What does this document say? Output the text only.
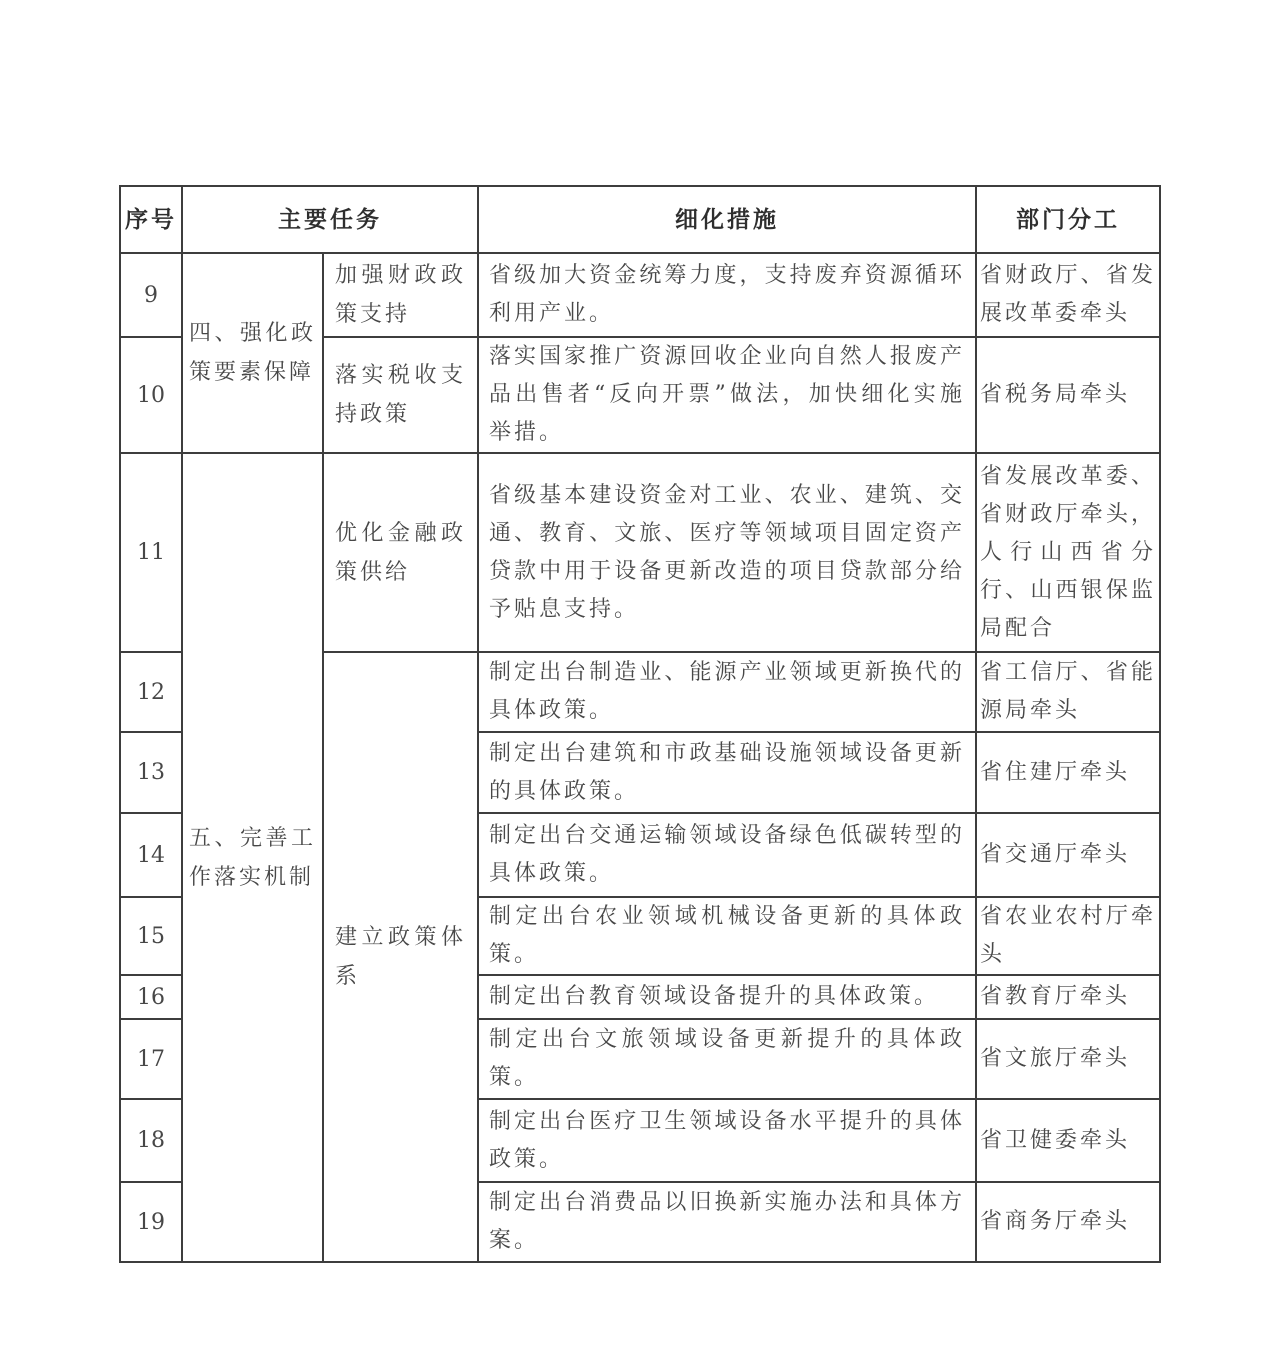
序号	主要任务		细化措施	部门分工
9	四、强化政策要素保障	加强财政政策支持	省级加大资金统筹力度，支持废弃资源循环利用产业。	省财政厅、省发展改革委牵头
10		落实税收支持政策	落实国家推广资源回收企业向自然人报废产品出售者“反向开票”做法，加快细化实施举措。	省税务局牵头
11	五、完善工作落实机制	优化金融政策供给	省级基本建设资金对工业、农业、建筑、交通、教育、文旅、医疗等领域项目固定资产贷款中用于设备更新改造的项目贷款部分给予贴息支持。	省发展改革委、省财政厅牵头，人行山西省分行、山西银保监局配合
12		建立政策体系	制定出台制造业、能源产业领域更新换代的具体政策。	省工信厅、省能源局牵头
13			制定出台建筑和市政基础设施领域设备更新的具体政策。	省住建厅牵头
14			制定出台交通运输领域设备绿色低碳转型的具体政策。	省交通厅牵头
15			制定出台农业领域机械设备更新的具体政策。	省农业农村厅牵头
16			制定出台教育领域设备提升的具体政策。	省教育厅牵头
17			制定出台文旅领域设备更新提升的具体政策。	省文旅厅牵头
18			制定出台医疗卫生领域设备水平提升的具体政策。	省卫健委牵头
19			制定出台消费品以旧换新实施办法和具体方案。	省商务厅牵头
